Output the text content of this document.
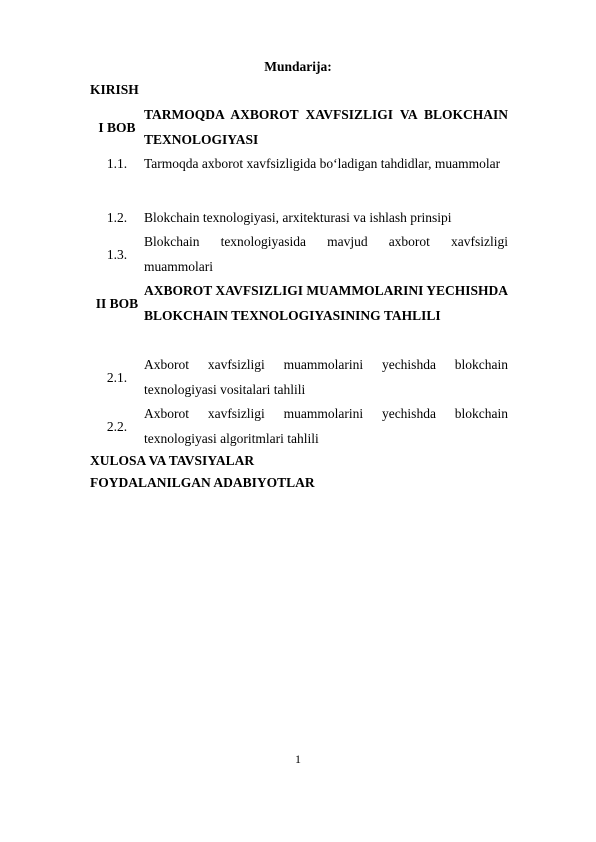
Mundarija:
KIRISH
I BOB
TARMOQDA AXBOROT XAVFSIZLIGI VA BLOKCHAIN TEXNOLOGIYASI
1.1.	Tarmoqda axborot xavfsizligida bo‘ladigan tahdidlar, muammolar
1.2.	Blokchain texnologiyasi, arxitekturasi va ishlash prinsipi
1.3.
Blokchain texnologiyasida mavjud axborot xavfsizligi muammolari
II BOB
AXBOROT XAVFSIZLIGI MUAMMOLARINI YECHISHDA BLOKCHAIN TEXNOLOGIYASINING TAHLILI
2.1.
Axborot xavfsizligi muammolarini yechishda blokchain texnologiyasi vositalari tahlili
2.2.
Axborot xavfsizligi muammolarini yechishda blokchain texnologiyasi algoritmlari tahlili
XULOSA VA TAVSIYALAR
FOYDALANILGAN ADABIYOTLAR
1
